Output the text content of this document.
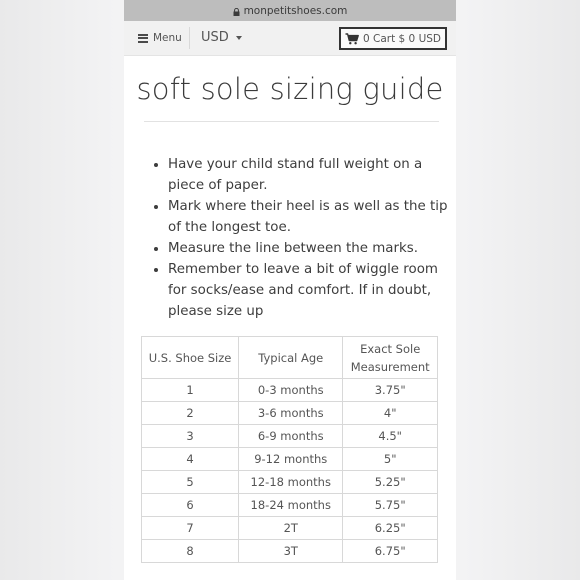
monpetitshoes.com
Menu USD	0 Cart $ 0 USD
soft sole sizing guide
• Have your child stand full weight on a piece of paper.
• Mark where their heel is as well as the tip of the longest toe.
• Measure the line between the marks.
• Remember to leave a bit of wiggle room for socks/ease and comfort. If in doubt, please size up
U.S. Shoe Size	Typical Age	Exact Sole Measurement
1	0-3 months	3.75"
2	3-6 months	4"
3	6-9 months	4.5"
4	9-12 months	5"
5	12-18 months	5.25"
6	18-24 months	5.75"
7	2T	6.25"
8	3T	6.75"
